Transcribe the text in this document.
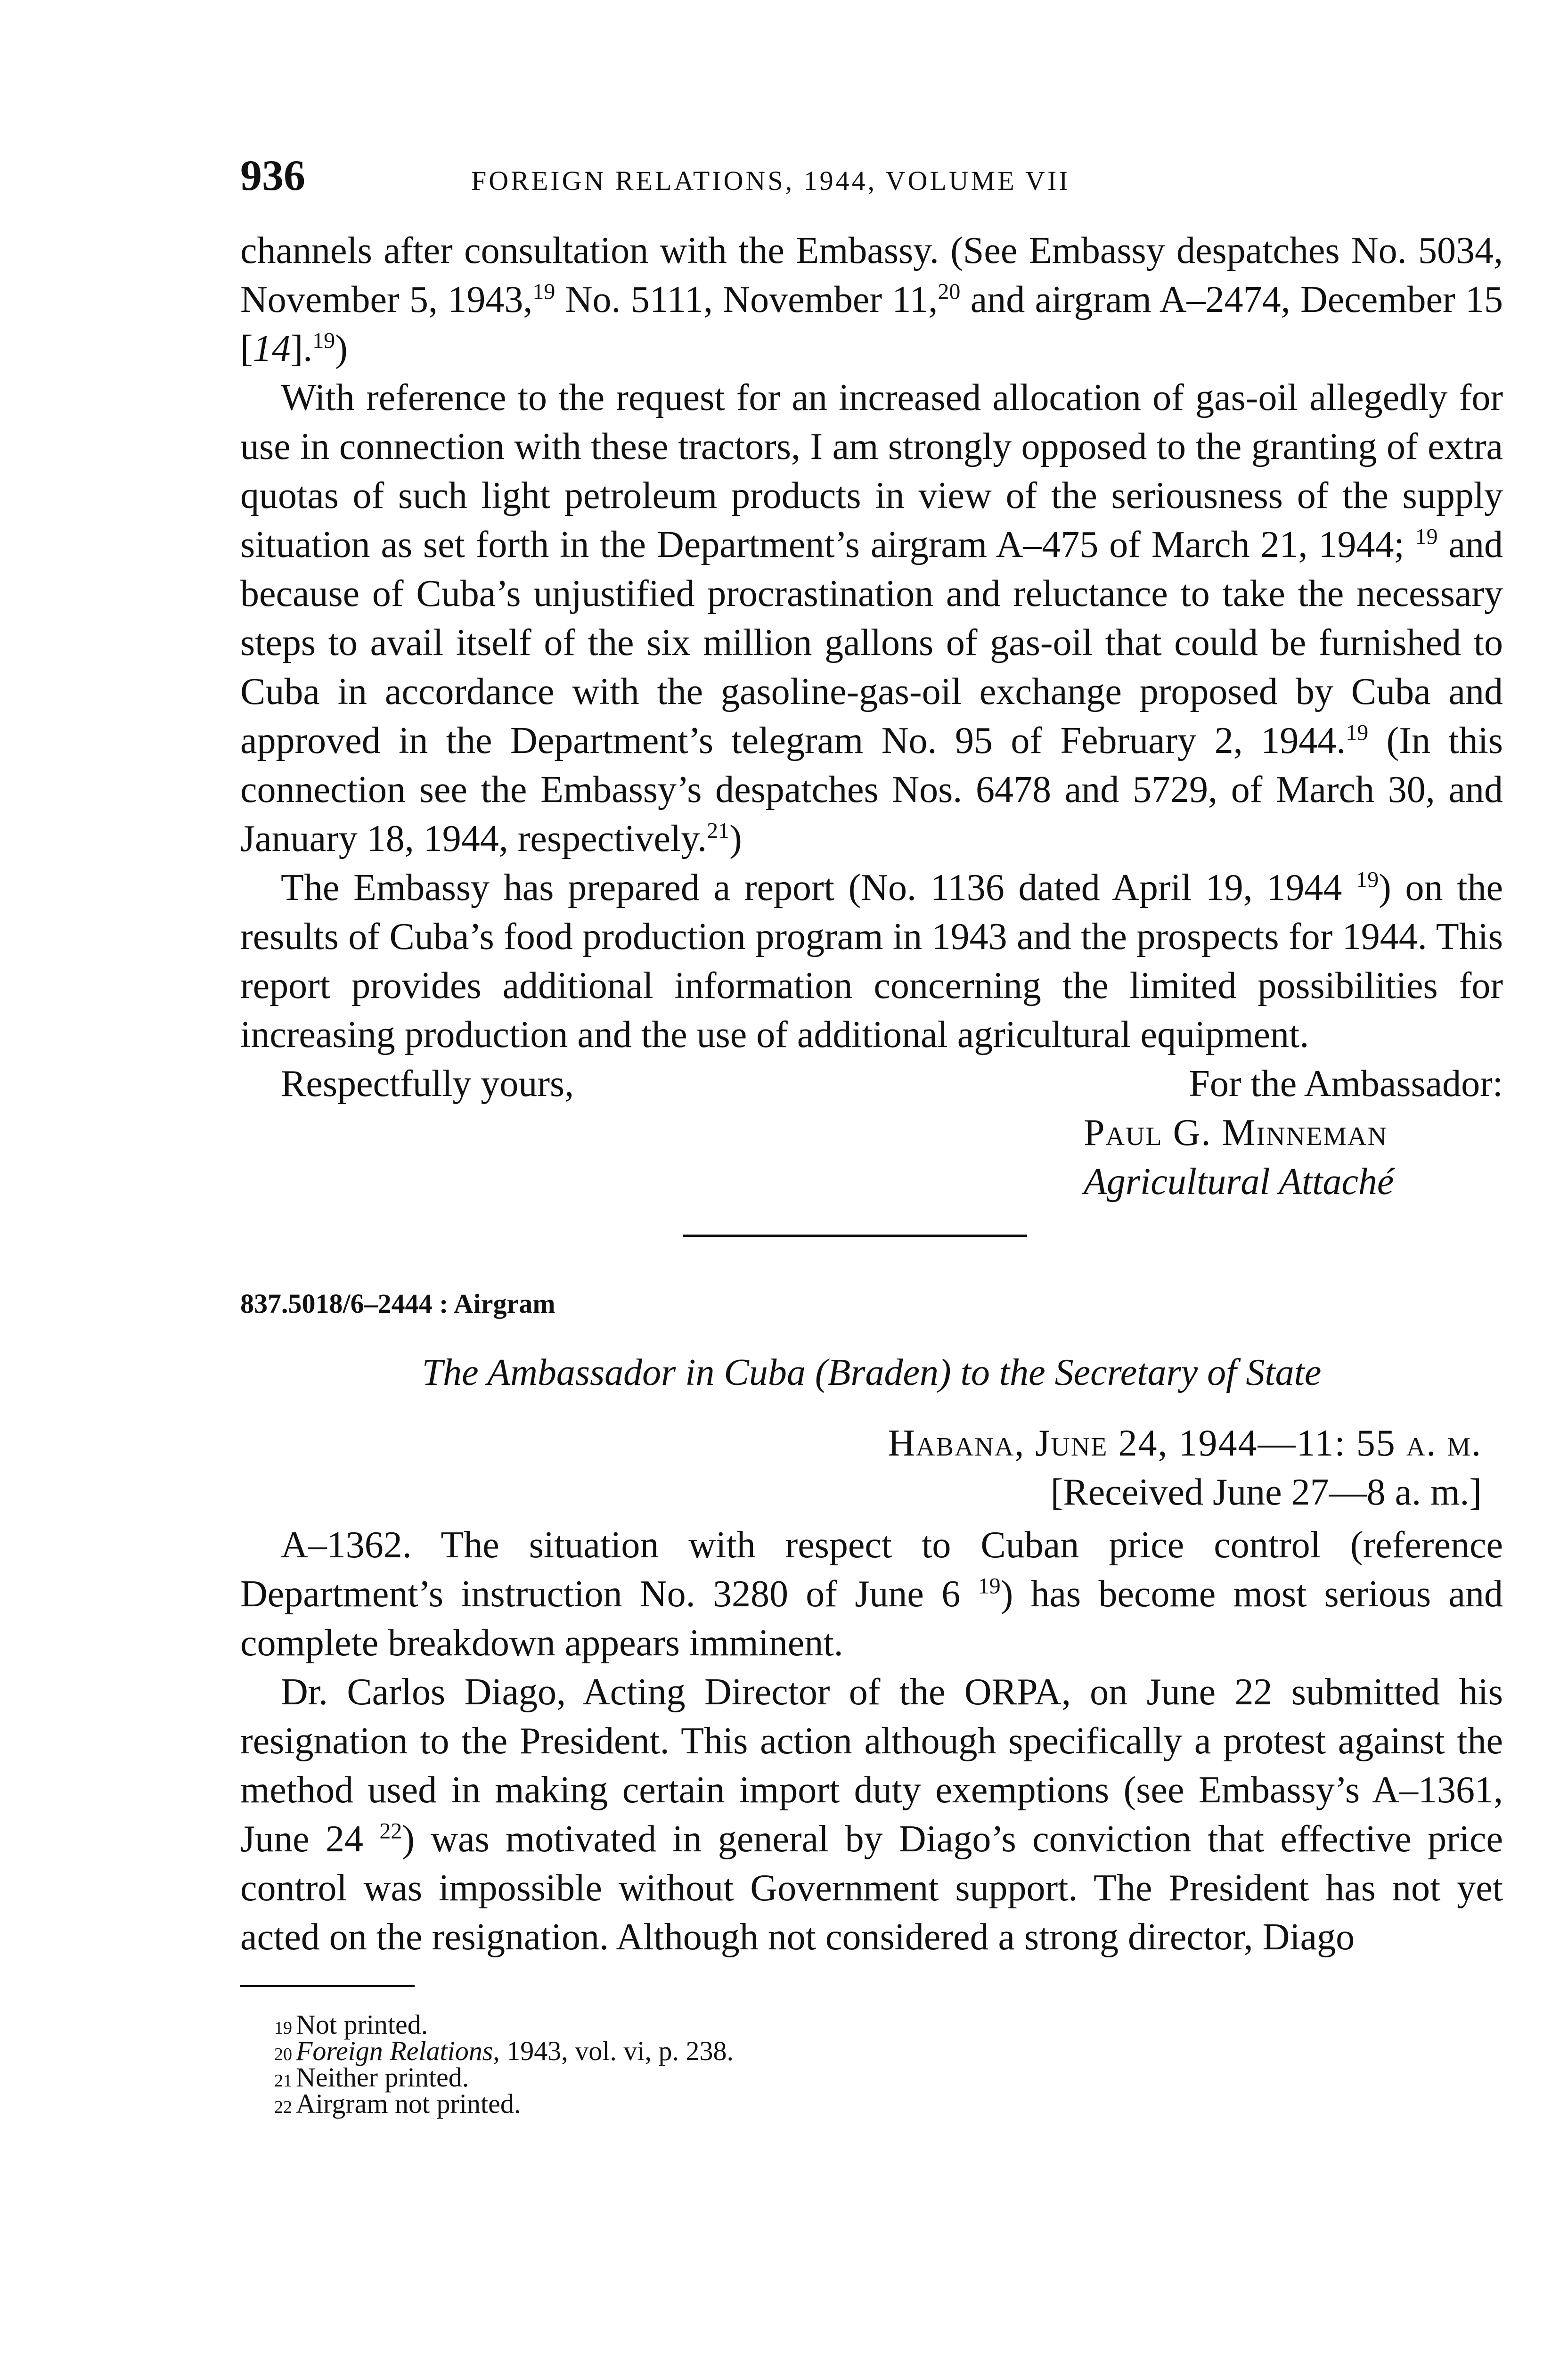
936	FOREIGN RELATIONS, 1944, VOLUME VII

channels after consultation with the Embassy. (See Embassy despatches No. 5034, November 5, 1943,19 No. 5111, November 11,20 and airgram A–2474, December 15 [14].$^{19}$)

With reference to the request for an increased allocation of gas-oil allegedly for use in connection with these tractors, I am strongly opposed to the granting of extra quotas of such light petroleum products in view of the seriousness of the supply situation as set forth in the Department’s airgram A–475 of March 21, 1944; $^{19}$ and because of Cuba’s unjustified procrastination and reluctance to take the necessary steps to avail itself of the six million gallons of gas-oil that could be furnished to Cuba in accordance with the gasoline-gas-oil exchange proposed by Cuba and approved in the Department’s telegram No. 95 of February 2, 1944.19 (In this connection see the Embassy’s despatches Nos. 6478 and 5729, of March 30, and January 18, 1944, respectively.$^{21}$)

The Embassy has prepared a report (No. 1136 dated April 19, 1944 $^{19}$) on the results of Cuba’s food production program in 1943 and the prospects for 1944. This report provides additional information concerning the limited possibilities for increasing production and the use of additional agricultural equipment.

Respectfully yours,	For the Ambassador:
Paul G. Minneman
Agricultural Attaché
837.5018/6–2444 : Airgram
The Ambassador in Cuba (Braden) to the Secretary of State
Habana, June 24, 1944—11: 55 a. m.
[Received June 27—8 a. m.]

A–1362. The situation with respect to Cuban price control (reference Department’s instruction No. 3280 of June 6 $^{19}$) has become most serious and complete breakdown appears imminent.

Dr. Carlos Diago, Acting Director of the ORPA, on June 22 submitted his resignation to the President. This action although specifically a protest against the method used in making certain import duty exemptions (see Embassy’s A–1361, June 24 $^{22}$) was motivated in general by Diago’s conviction that effective price control was impossible without Government support. The President has not yet acted on the resignation. Although not considered a strong director, Diago

19 Not printed.
20 Foreign Relations , 1943, vol. vi, p. 238.
21 Neither printed.
22 Airgram not printed.
